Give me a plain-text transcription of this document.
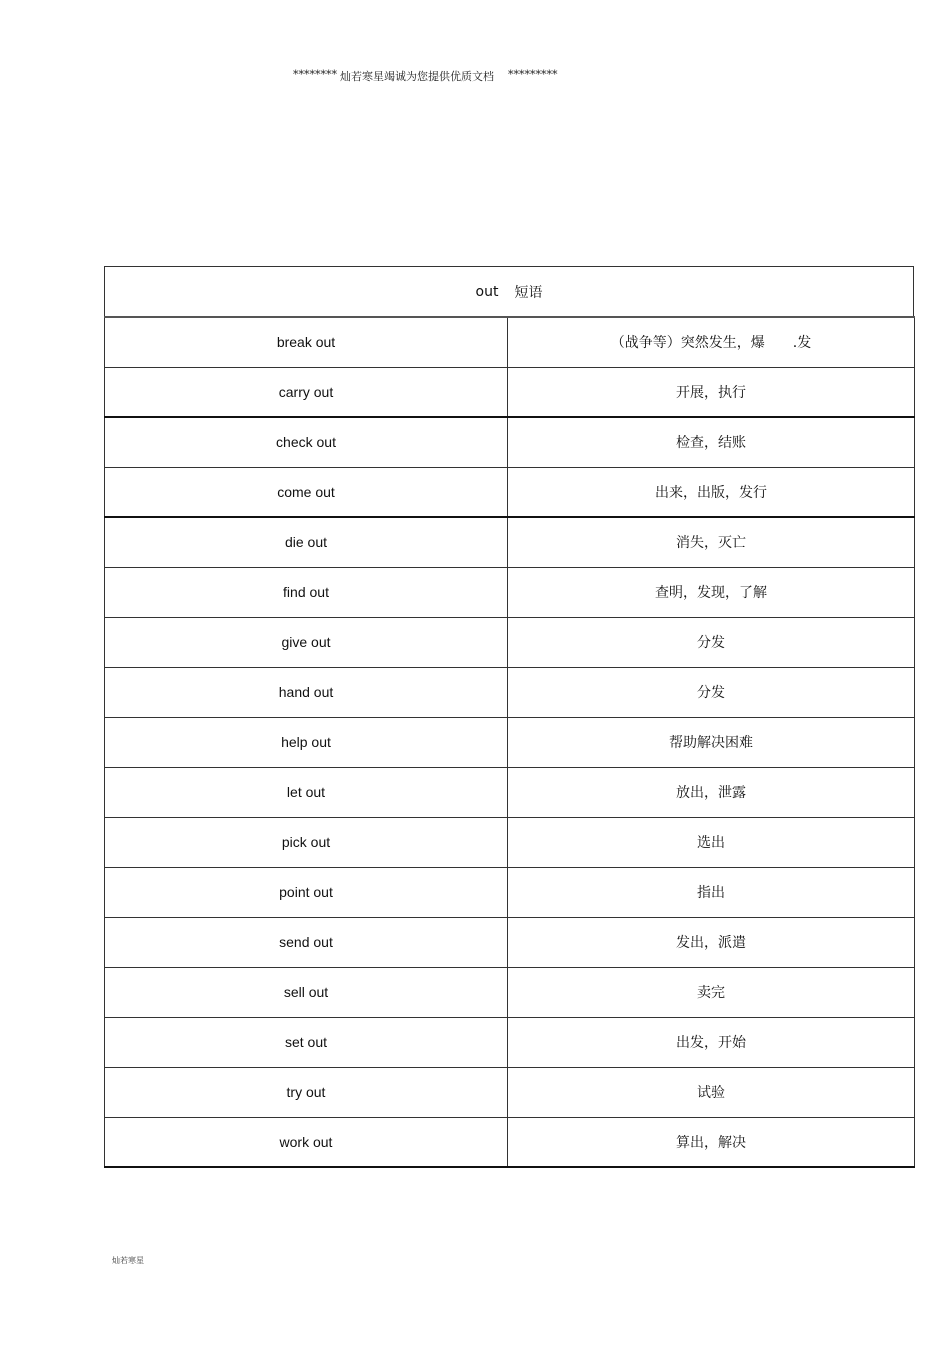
******** 灿若寒星竭诚为您提供优质文档 *********
out 短语
break out	（战争等）突然发生，爆　　.发
carry out	开展，执行
check out	检查，结账
come out	出来，出版，发行
die out	消失，灭亡
find out	查明，发现，了解
give out	分发
hand out	分发
help out	帮助解决困难
let out	放出，泄露
pick out	选出
point out	指出
send out	发出，派遣
sell out	卖完
set out	出发，开始
try out	试验
work out	算出，解决
灿若寒星
